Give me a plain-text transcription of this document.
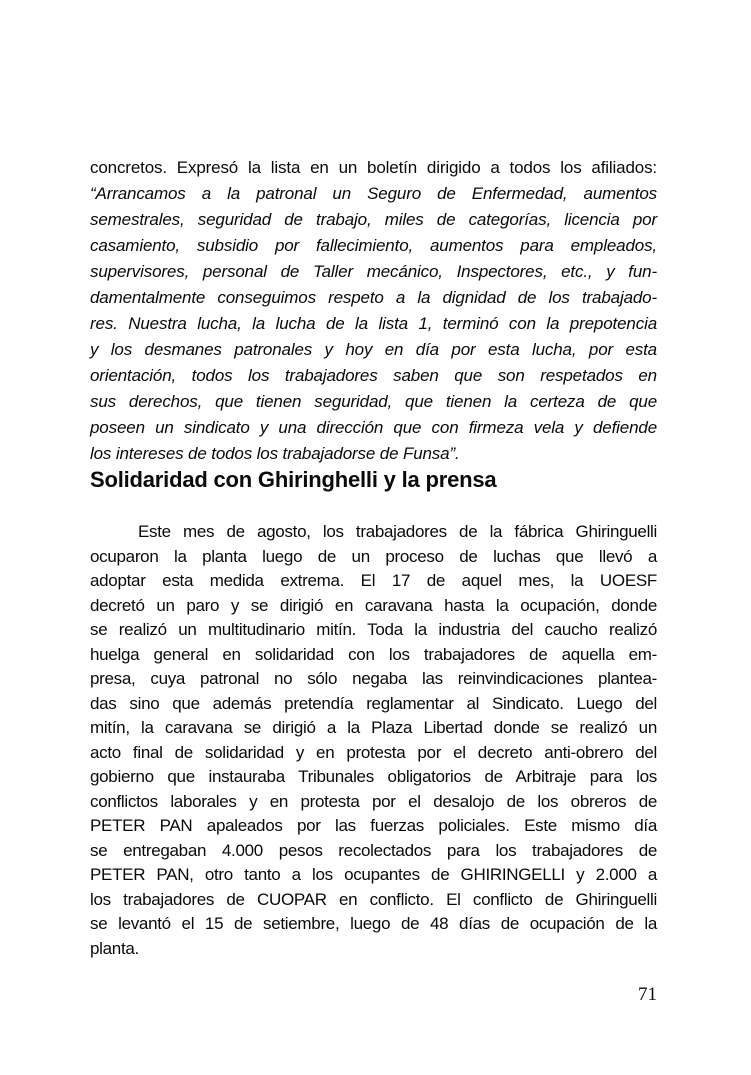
concretos. Expresó la lista en un boletín dirigido a todos los afiliados:
“Arrancamos a la patronal un Seguro de Enfermedad, aumentos
semestrales, seguridad de trabajo, miles de categorías, licencia por
casamiento, subsidio por fallecimiento, aumentos para empleados,
supervisores, personal de Taller mecánico, Inspectores, etc., y fun-
damentalmente conseguimos respeto a la dignidad de los trabajado-
res. Nuestra lucha, la lucha de la lista 1, terminó con la prepotencia
y los desmanes patronales y hoy en día por esta lucha, por esta
orientación, todos los trabajadores saben que son respetados en
sus derechos, que tienen seguridad, que tienen la certeza de que
poseen un sindicato y una dirección que con firmeza vela y defiende
los intereses de todos los trabajadorse de Funsa”.
Solidaridad con Ghiringhelli y la prensa
Este mes de agosto, los trabajadores de la fábrica Ghiringuelli
ocuparon la planta luego de un proceso de luchas que llevó a
adoptar esta medida extrema. El 17 de aquel mes, la UOESF
decretó un paro y se dirigió en caravana hasta la ocupación, donde
se realizó un multitudinario mitín. Toda la industria del caucho realizó
huelga general en solidaridad con los trabajadores de aquella em-
presa, cuya patronal no sólo negaba las reinvindicaciones plantea-
das sino que además pretendía reglamentar al Sindicato. Luego del
mitín, la caravana se dirigió a la Plaza Libertad donde se realizó un
acto final de solidaridad y en protesta por el decreto anti-obrero del
gobierno que instauraba Tribunales obligatorios de Arbitraje para los
conflictos laborales y en protesta por el desalojo de los obreros de
PETER PAN apaleados por las fuerzas policiales. Este mismo día
se entregaban 4.000 pesos recolectados para los trabajadores de
PETER PAN, otro tanto a los ocupantes de GHIRINGELLI y 2.000 a
los trabajadores de CUOPAR en conflicto. El conflicto de Ghiringuelli
se levantó el 15 de setiembre, luego de 48 días de ocupación de la
planta.
71
